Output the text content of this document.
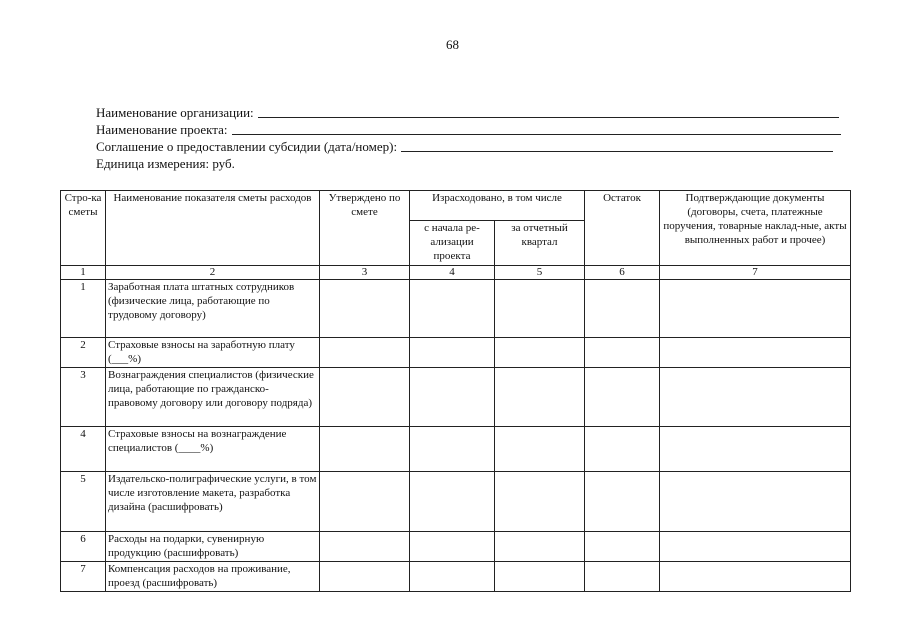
68
Наименование организации:
Наименование проекта:
Соглашение о предоставлении субсидии (дата/номер):
Единица измерения: руб.
Стро-ка сметы	Наименование показателя сметы расходов	Утверждено по смете	Израсходовано, в том числе		Остаток	Подтверждающие документы (договоры, счета, платежные поручения, товарные наклад-ные, акты выполненных работ и прочее)
			с начала ре-ализации проекта	за отчетный квартал		
1	2	3	4	5	6	7
1	Заработная плата штатных сотрудников (физические лица, работающие по трудовому договору)					
2	Страховые взносы на заработную плату (___%)					
3	Вознаграждения специалистов (физические лица, работающие по гражданско-правовому договору или договору подряда)					
4	Страховые взносы на вознаграждение специалистов (____%)					
5	Издательско-полиграфические услуги, в том числе изготовление макета, разработка дизайна (расшифровать)					
6	Расходы на подарки, сувенирную продукцию (расшифровать)					
7	Компенсация расходов на проживание, проезд (расшифровать)					
